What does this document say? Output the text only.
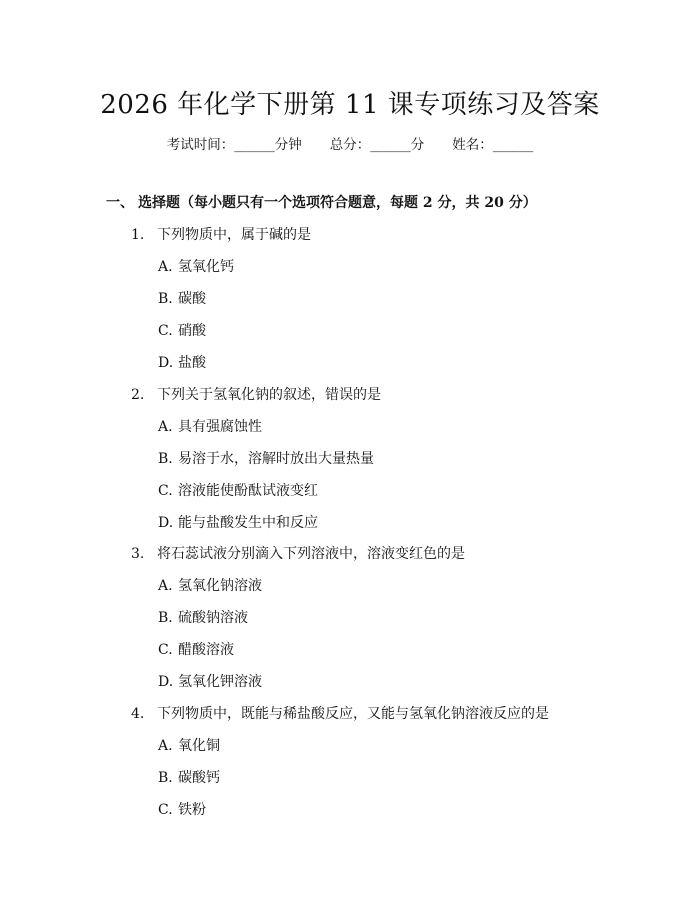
2026 年化学下册第 11 课专项练习及答案
考试时间：______分钟 总分：______分 姓名：______
一、 选择题（每小题只有一个选项符合题意，每题 2 分，共 20 分）
1. 下列物质中，属于碱的是
A. 氢氧化钙
B. 碳酸
C. 硝酸
D. 盐酸
2. 下列关于氢氧化钠的叙述，错误的是
A. 具有强腐蚀性
B. 易溶于水，溶解时放出大量热量
C. 溶液能使酚酞试液变红
D. 能与盐酸发生中和反应
3. 将石蕊试液分别滴入下列溶液中，溶液变红色的是
A. 氢氧化钠溶液
B. 硫酸钠溶液
C. 醋酸溶液
D. 氢氧化钾溶液
4. 下列物质中，既能与稀盐酸反应，又能与氢氧化钠溶液反应的是
A. 氧化铜
B. 碳酸钙
C. 铁粉
